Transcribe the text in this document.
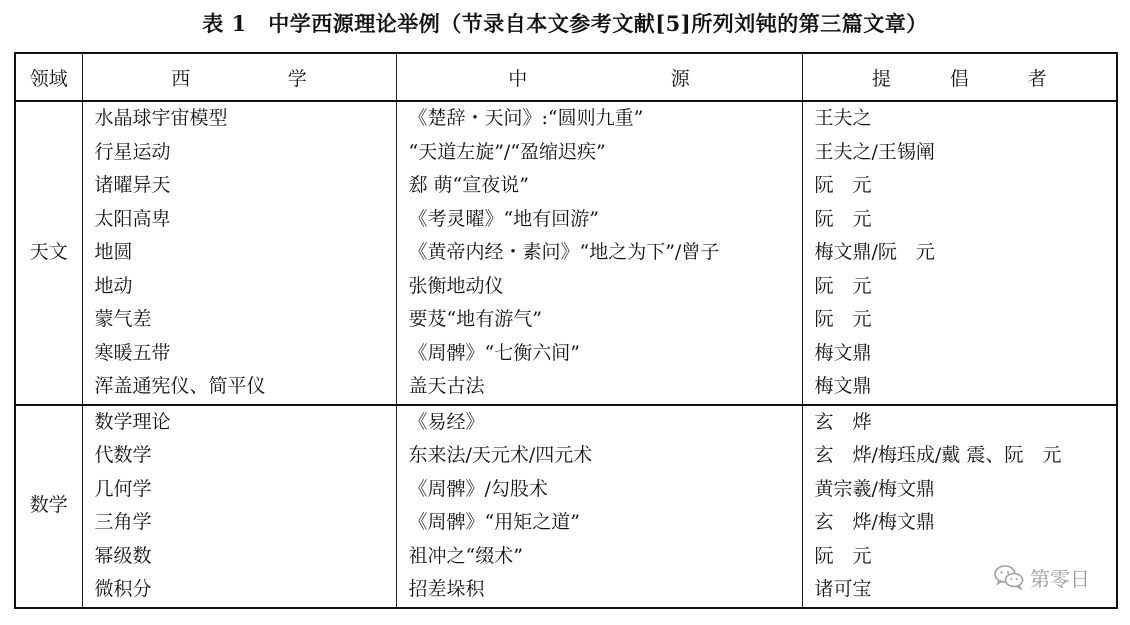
表 1　中学西源理论举例（节录自本文参考文献[5]所列刘钝的第三篇文章）
领域	西 学	中 源	提 倡 者

天文	水晶球宇宙模型	《楚辞・天问》:“圆则九重”	王夫之
	行星运动	“天道左旋”/“盈缩迟疾”	王夫之/王锡阐
	诸曜异天	郄 萌“宣夜说”	阮　元
	太阳高卑	《考灵曜》“地有回游”	阮　元
	地圆	《黄帝内经・素问》“地之为下”/曾子	梅文鼎/阮　元
	地动	张衡地动仪	阮　元
	蒙气差	要芨“地有游气”	阮　元
	寒暖五带	《周髀》“七衡六间”	梅文鼎
	浑盖通宪仪、简平仪	盖天古法	梅文鼎
数学	数学理论	《易经》	玄　烨
	代数学	东来法/天元术/四元术	玄　烨/梅珏成/戴 震、阮　元
	几何学	《周髀》/勾股术	黄宗羲/梅文鼎
	三角学	《周髀》“用矩之道”	玄　烨/梅文鼎
	幂级数	祖冲之“缀术”	阮　元
	微积分	招差垛积	诸可宝	第零日
